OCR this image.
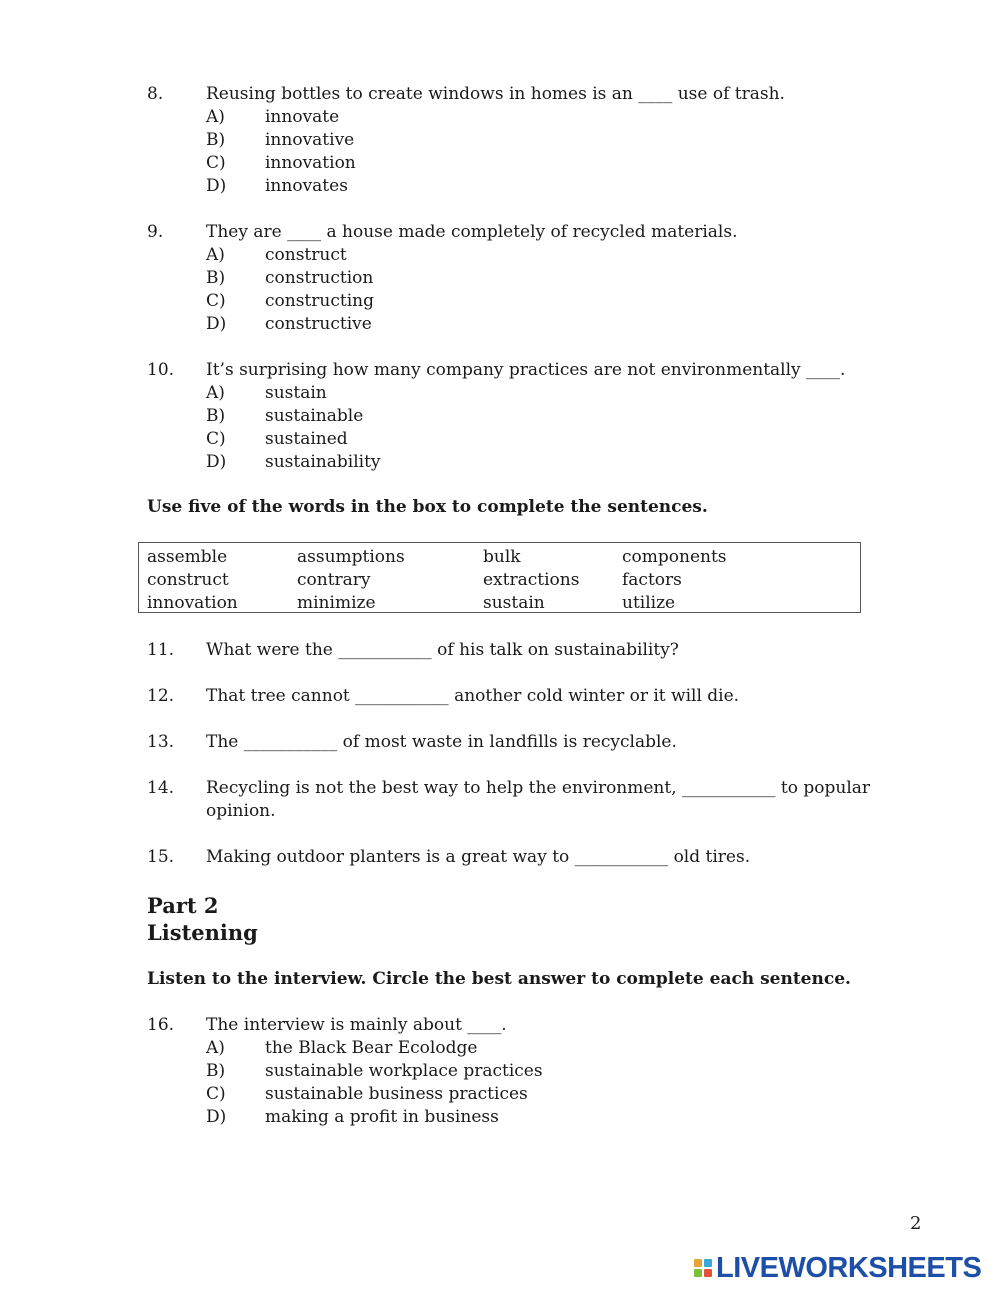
8.	Reusing bottles to create windows in homes is an ____ use of trash.
A) innovate
B) innovative
C) innovation
D) innovates
9.	They are ____ a house made completely of recycled materials.
A) construct
B) construction
C) constructing
D) constructive
10. It’s surprising how many company practices are not environmentally ____.
A) sustain
B) sustainable
C) sustained
D) sustainability
Use five of the words in the box to complete the sentences.
assemble	assumptions	bulk	components
construct	contrary	extractions	factors
innovation	minimize	sustain	utilize
11. What were the ___________ of his talk on sustainability?
12. That tree cannot ___________ another cold winter or it will die.
13. The ___________ of most waste in landfills is recyclable.
14. Recycling is not the best way to help the environment, ___________ to popular
opinion.
15. Making outdoor planters is a great way to ___________ old tires.
Part 2
Listening
Listen to the interview. Circle the best answer to complete each sentence.
16. The interview is mainly about ____.
A) the Black Bear Ecolodge
B) sustainable workplace practices
C) sustainable business practices
D) making a profit in business
2
LIVEWORKSHEETS
